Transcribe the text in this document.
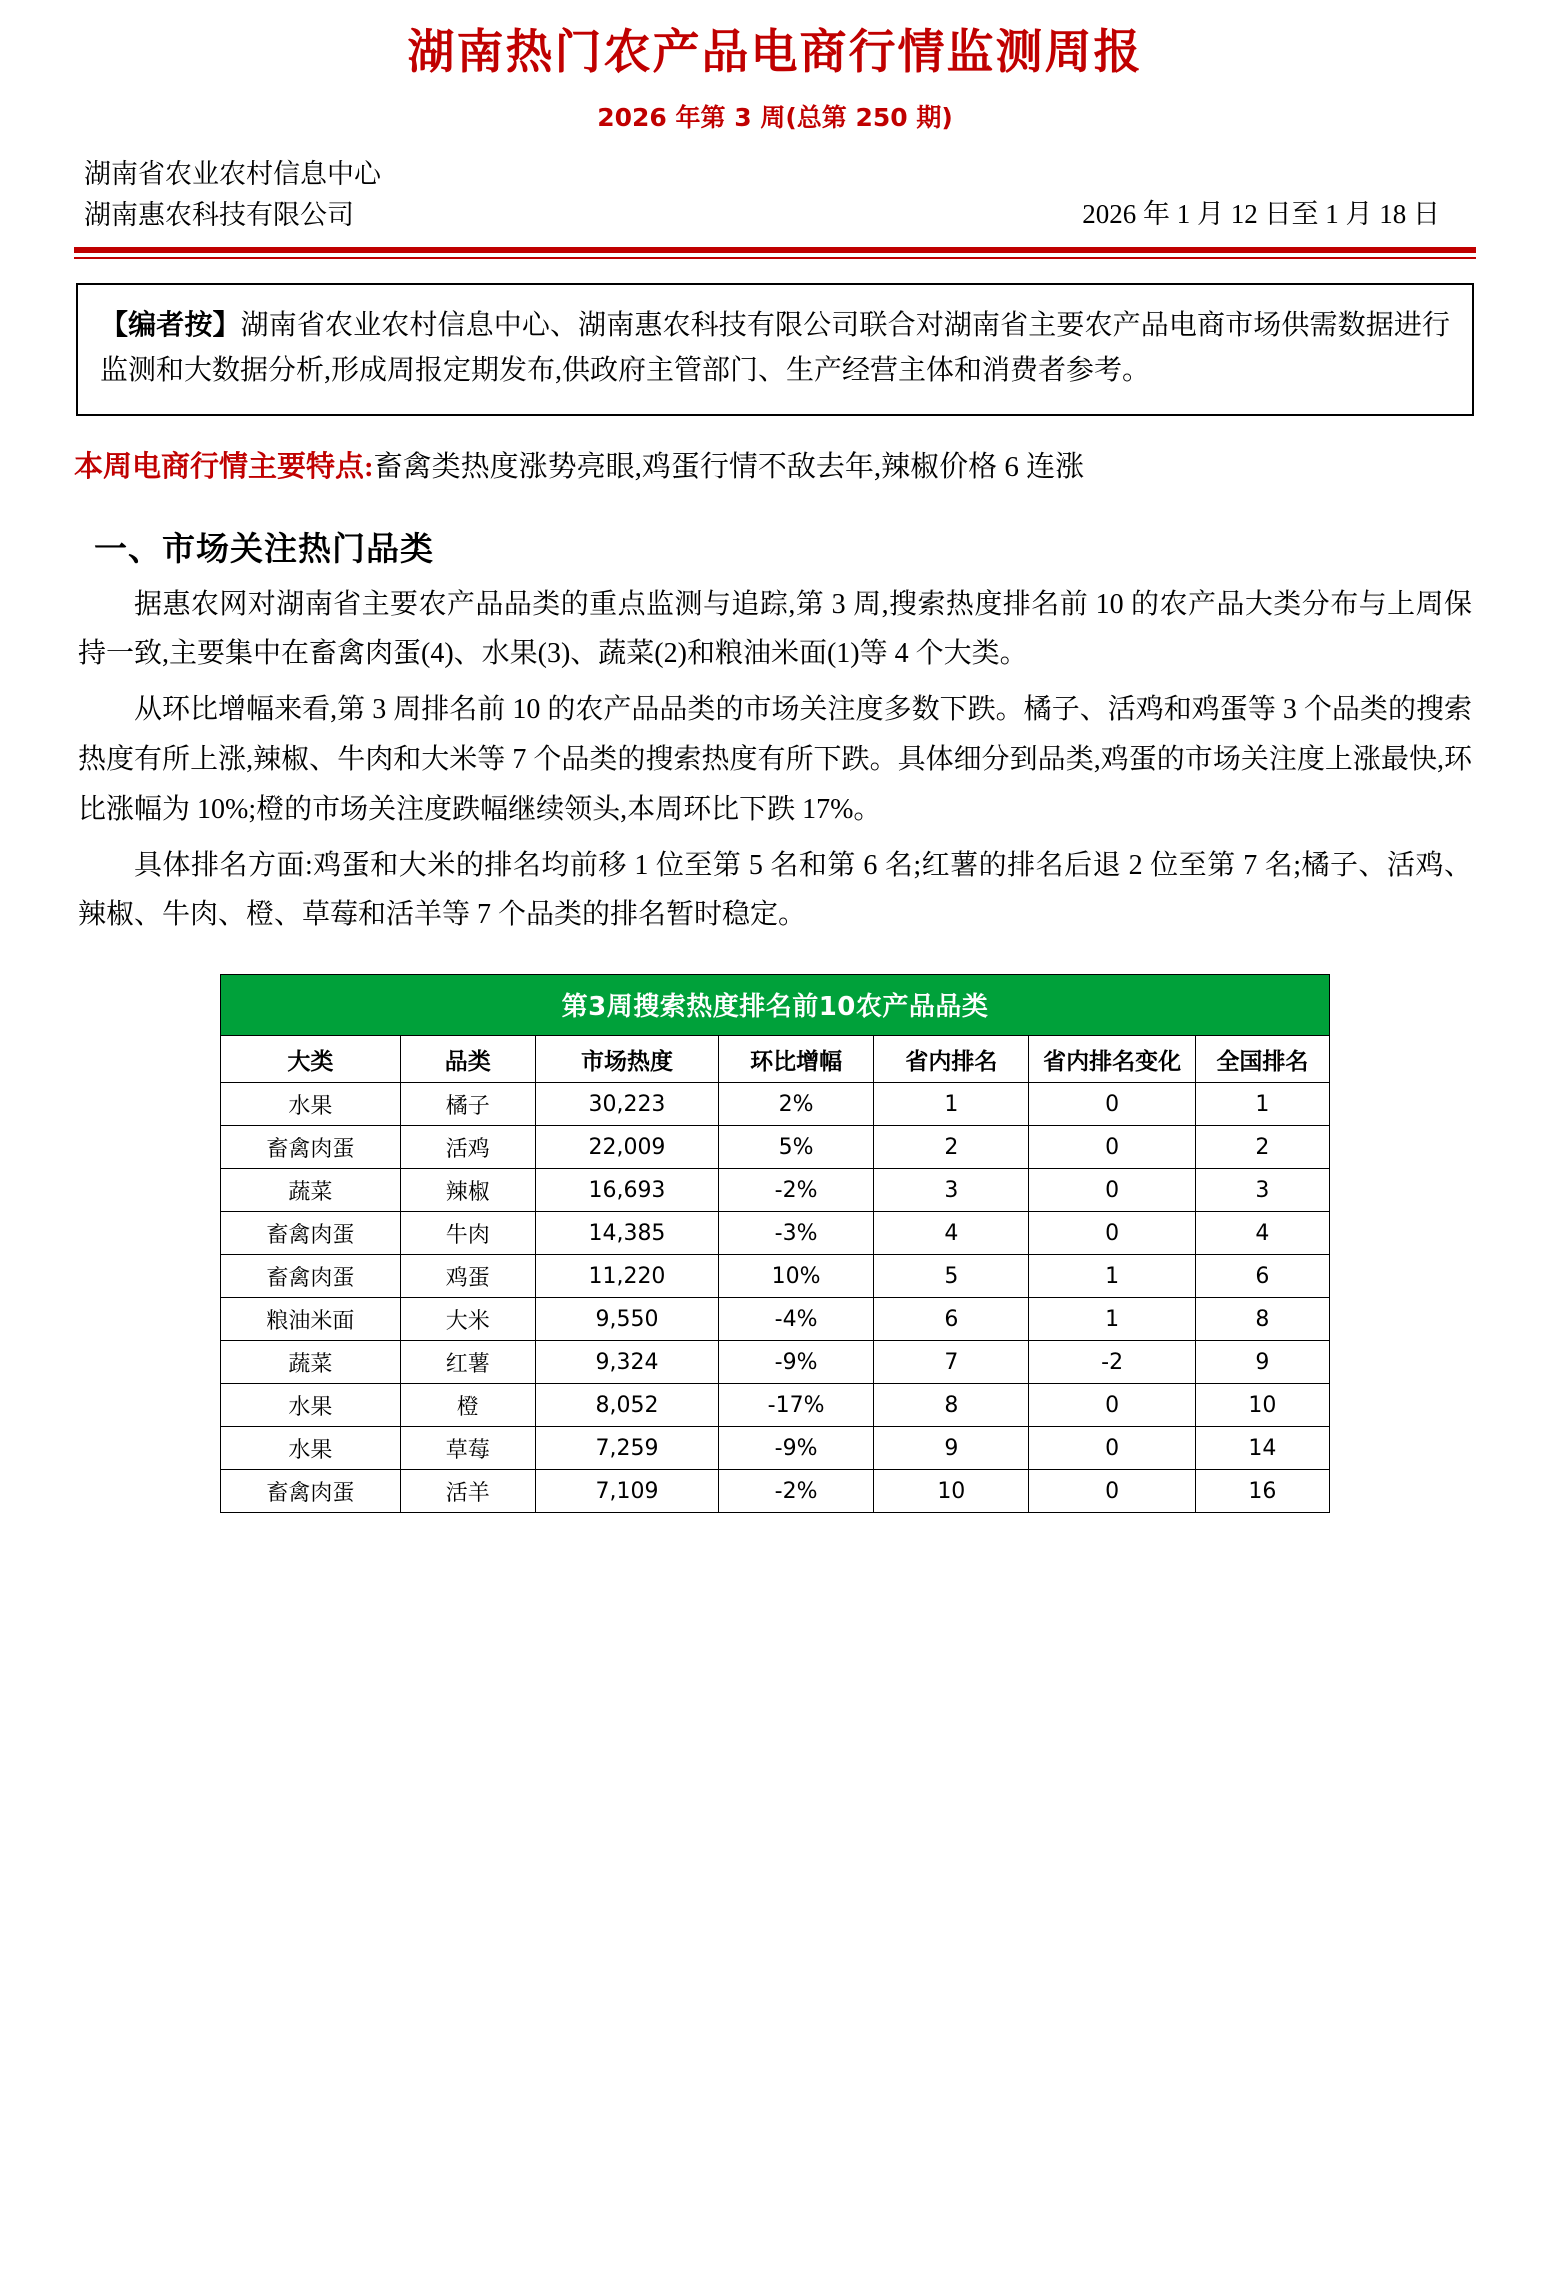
湖南热门农产品电商行情监测周报
2026 年第 3 周(总第 250 期)
湖南省农业农村信息中心
湖南惠农科技有限公司	2026 年 1 月 12 日至 1 月 18 日
【编者按】湖南省农业农村信息中心、湖南惠农科技有限公司联合对湖南省主要农产品电商市场供需数据进行监测和大数据分析,形成周报定期发布,供政府主管部门、生产经营主体和消费者参考。
本周电商行情主要特点:畜禽类热度涨势亮眼,鸡蛋行情不敌去年,辣椒价格 6 连涨
一、市场关注热门品类

据惠农网对湖南省主要农产品品类的重点监测与追踪,第 3 周,搜索热度排名前 10 的农产品大类分布与上周保持一致,主要集中在畜禽肉蛋(4)、水果(3)、蔬菜(2)和粮油米面(1)等 4 个大类。

从环比增幅来看,第 3 周排名前 10 的农产品品类的市场关注度多数下跌。橘子、活鸡和鸡蛋等 3 个品类的搜索热度有所上涨,辣椒、牛肉和大米等 7 个品类的搜索热度有所下跌。具体细分到品类,鸡蛋的市场关注度上涨最快,环比涨幅为 10%;橙的市场关注度跌幅继续领头,本周环比下跌 17%。

具体排名方面:鸡蛋和大米的排名均前移 1 位至第 5 名和第 6 名;红薯的排名后退 2 位至第 7 名;橘子、活鸡、辣椒、牛肉、橙、草莓和活羊等 7 个品类的排名暂时稳定。

第3周搜索热度排名前10农产品品类
大类	品类	市场热度	环比增幅	省内排名	省内排名变化	全国排名
水果	橘子	30,223	2%	1	0	1
畜禽肉蛋	活鸡	22,009	5%	2	0	2
蔬菜	辣椒	16,693	-2%	3	0	3
畜禽肉蛋	牛肉	14,385	-3%	4	0	4
畜禽肉蛋	鸡蛋	11,220	10%	5	1	6
粮油米面	大米	9,550	-4%	6	1	8
蔬菜	红薯	9,324	-9%	7	-2	9
水果	橙	8,052	-17%	8	0	10
水果	草莓	7,259	-9%	9	0	14
畜禽肉蛋	活羊	7,109	-2%	10	0	16
